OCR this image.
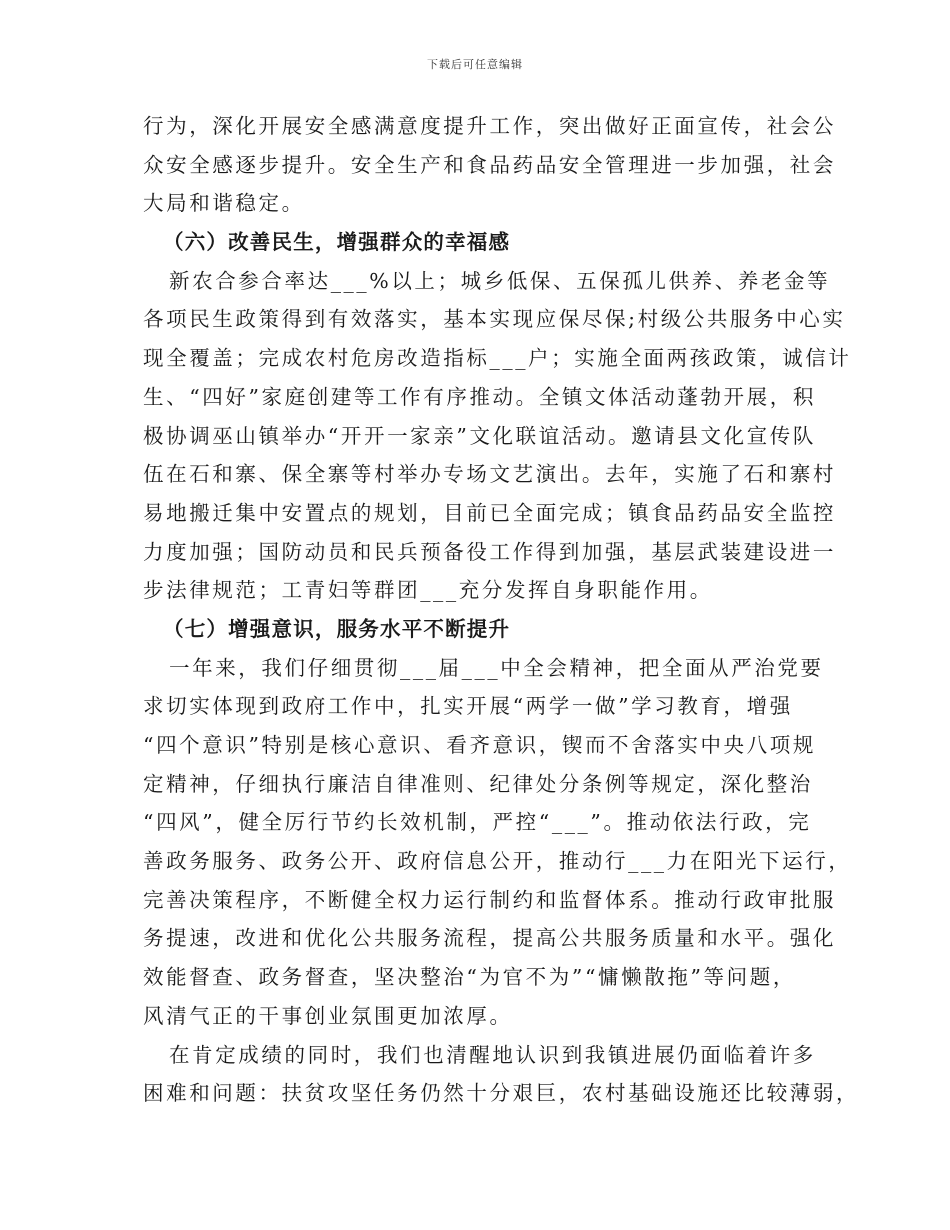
下载后可任意编辑
行为，深化开展安全感满意度提升工作，突出做好正面宣传，社会公
众安全感逐步提升。安全生产和食品药品安全管理进一步加强，社会
大局和谐稳定。
（六）改善民生，增强群众的幸福感
新农合参合率达___%以上；城乡低保、五保孤儿供养、养老金等
各项民生政策得到有效落实，基本实现应保尽保;村级公共服务中心实
现全覆盖；完成农村危房改造指标___户；实施全面两孩政策，诚信计
生、“四好”家庭创建等工作有序推动。全镇文体活动蓬勃开展，积
极协调巫山镇举办“开开一家亲”文化联谊活动。邀请县文化宣传队
伍在石和寨、保全寨等村举办专场文艺演出。去年，实施了石和寨村
易地搬迁集中安置点的规划，目前已全面完成；镇食品药品安全监控
力度加强；国防动员和民兵预备役工作得到加强，基层武装建设进一
步法律规范；工青妇等群团___充分发挥自身职能作用。
（七）增强意识，服务水平不断提升
一年来，我们仔细贯彻___届___中全会精神，把全面从严治党要
求切实体现到政府工作中，扎实开展“两学一做”学习教育，增强
“四个意识”特别是核心意识、看齐意识，锲而不舍落实中央八项规
定精神，仔细执行廉洁自律准则、纪律处分条例等规定，深化整治
“四风”，健全厉行节约长效机制，严控“___”。推动依法行政，完
善政务服务、政务公开、政府信息公开，推动行___力在阳光下运行，
完善决策程序，不断健全权力运行制约和监督体系。推动行政审批服
务提速，改进和优化公共服务流程，提高公共服务质量和水平。强化
效能督查、政务督查，坚决整治“为官不为”“慵懒散拖”等问题，
风清气正的干事创业氛围更加浓厚。
在肯定成绩的同时，我们也清醒地认识到我镇进展仍面临着许多
困难和问题：扶贫攻坚任务仍然十分艰巨，农村基础设施还比较薄弱，
